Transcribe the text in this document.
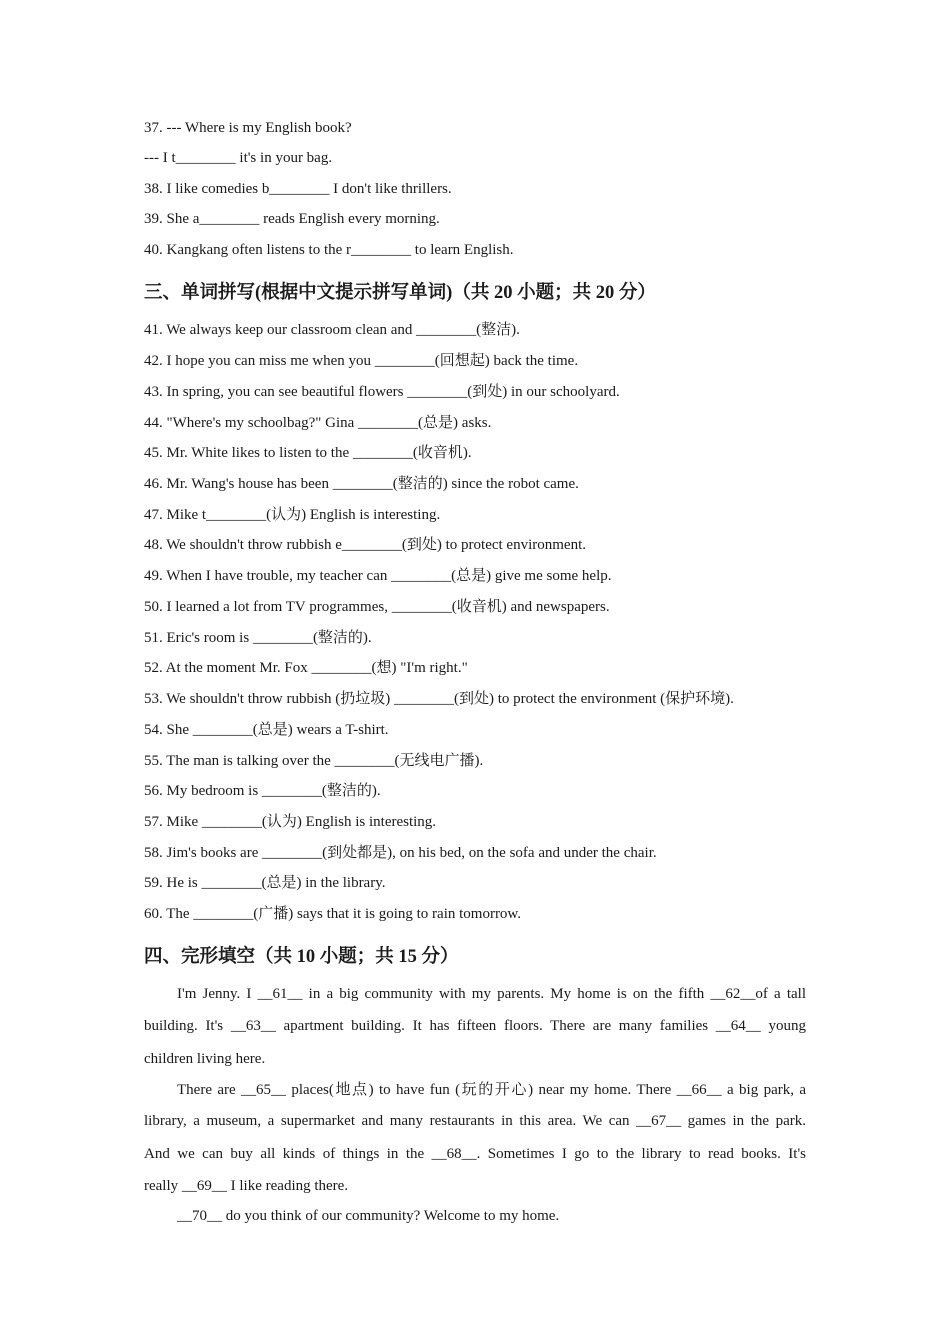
37. --- Where is my English book?
--- I t________ it's in your bag.
38. I like comedies b________ I don't like thrillers.
39. She a________ reads English every morning.
40. Kangkang often listens to the r________ to learn English.
三、单词拼写(根据中文提示拼写单词)（共 20 小题；共 20 分）
41. We always keep our classroom clean and ________(整洁).
42. I hope you can miss me when you ________(回想起) back the time.
43. In spring, you can see beautiful flowers ________(到处) in our schoolyard.
44. "Where's my schoolbag?" Gina ________(总是) asks.
45. Mr. White likes to listen to the ________(收音机).
46. Mr. Wang's house has been ________(整洁的) since the robot came.
47. Mike t________(认为) English is interesting.
48. We shouldn't throw rubbish e________(到处) to protect environment.
49. When I have trouble, my teacher can ________(总是) give me some help.
50. I learned a lot from TV programmes, ________(收音机) and newspapers.
51. Eric's room is ________(整洁的).
52. At the moment Mr. Fox ________(想) "I'm right."
53. We shouldn't throw rubbish (扔垃圾) ________(到处) to protect the environment (保护环境).
54. She ________(总是) wears a T-shirt.
55. The man is talking over the ________(无线电广播).
56. My bedroom is ________(整洁的).
57. Mike ________(认为) English is interesting.
58. Jim's books are ________(到处都是), on his bed, on the sofa and under the chair.
59. He is ________(总是) in the library.
60. The ________(广播) says that it is going to rain tomorrow.
四、完形填空（共 10 小题；共 15 分）
I'm Jenny. I __61__ in a big community with my parents. My home is on the fifth __62__of a tall
building. It's __63__ apartment building. It has fifteen floors. There are many families __64__ young
children living here.
There are __65__ places(地点) to have fun (玩的开心) near my home. There __66__ a big park, a
library, a museum, a supermarket and many restaurants in this area. We can __67__ games in the park.
And we can buy all kinds of things in the __68__. Sometimes I go to the library to read books. It's
really __69__ I like reading there.
__70__ do you think of our community? Welcome to my home.
